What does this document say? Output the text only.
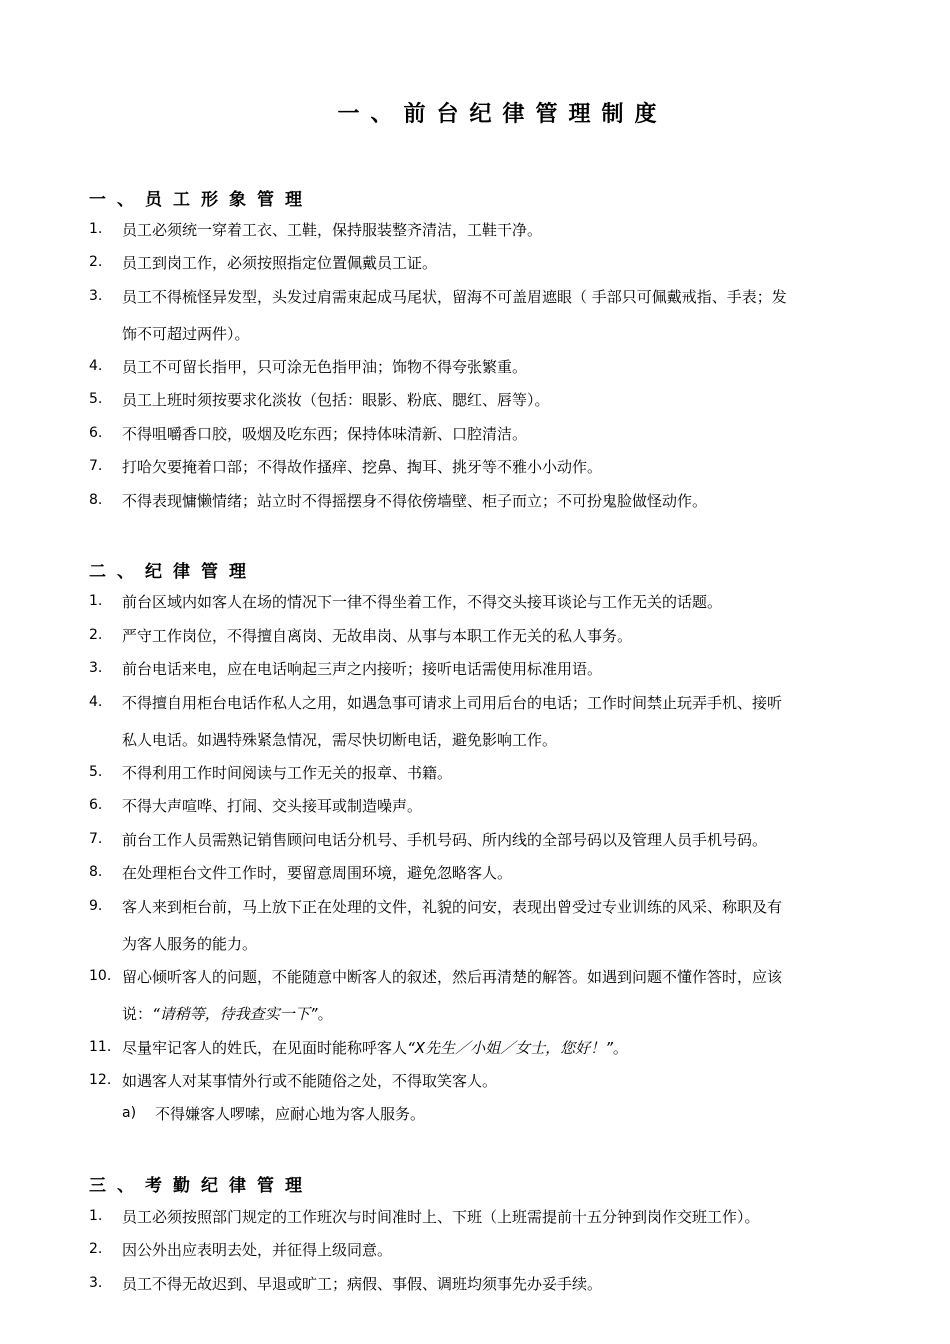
一、前台纪律管理制度
一、员工形象管理
1. 员工必须统一穿着工衣、工鞋，保持服装整齐清洁，工鞋干净。
2. 员工到岗工作，必须按照指定位置佩戴员工证。
3. 员工不得梳怪异发型，头发过肩需束起成马尾状，留海不可盖眉遮眼（ 手部只可佩戴戒指、手表；发
饰不可超过两件）。
4. 员工不可留长指甲，只可涂无色指甲油；饰物不得夸张繁重。
5. 员工上班时须按要求化淡妆（包括：眼影、粉底、腮红、唇等）。
6. 不得咀嚼香口胶，吸烟及吃东西；保持体味清新、口腔清洁。
7. 打哈欠要掩着口部；不得故作搔痒、挖鼻、掏耳、挑牙等不雅小小动作。
8. 不得表现慵懒情绪；站立时不得摇摆身不得依傍墙壁、柜子而立；不可扮鬼脸做怪动作。
二、纪律管理
1. 前台区域内如客人在场的情况下一律不得坐着工作，不得交头接耳谈论与工作无关的话题。
2. 严守工作岗位，不得擅自离岗、无故串岗、从事与本职工作无关的私人事务。
3. 前台电话来电，应在电话响起三声之内接听；接听电话需使用标准用语。
4. 不得擅自用柜台电话作私人之用，如遇急事可请求上司用后台的电话；工作时间禁止玩弄手机、接听
私人电话。如遇特殊紧急情况，需尽快切断电话，避免影响工作。
5. 不得利用工作时间阅读与工作无关的报章、书籍。
6. 不得大声喧哗、打闹、交头接耳或制造噪声。
7. 前台工作人员需熟记销售顾问电话分机号、手机号码、所内线的全部号码以及管理人员手机号码。
8. 在处理柜台文件工作时，要留意周围环境，避免忽略客人。
9. 客人来到柜台前，马上放下正在处理的文件，礼貌的问安，表现出曾受过专业训练的风采、称职及有
为客人服务的能力。
10. 留心倾听客人的问题，不能随意中断客人的叙述，然后再清楚的解答。如遇到问题不懂作答时，应该
说：“请稍等，待我查实一下”。
11. 尽量牢记客人的姓氏，在见面时能称呼客人“X先生／小姐／女士，您好！”。
12. 如遇客人对某事情外行或不能随俗之处，不得取笑客人。
a) 不得嫌客人啰嗦，应耐心地为客人服务。
三、考勤纪律管理
1. 员工必须按照部门规定的工作班次与时间准时上、下班（上班需提前十五分钟到岗作交班工作）。
2. 因公外出应表明去处，并征得上级同意。
3. 员工不得无故迟到、早退或旷工；病假、事假、调班均须事先办妥手续。
